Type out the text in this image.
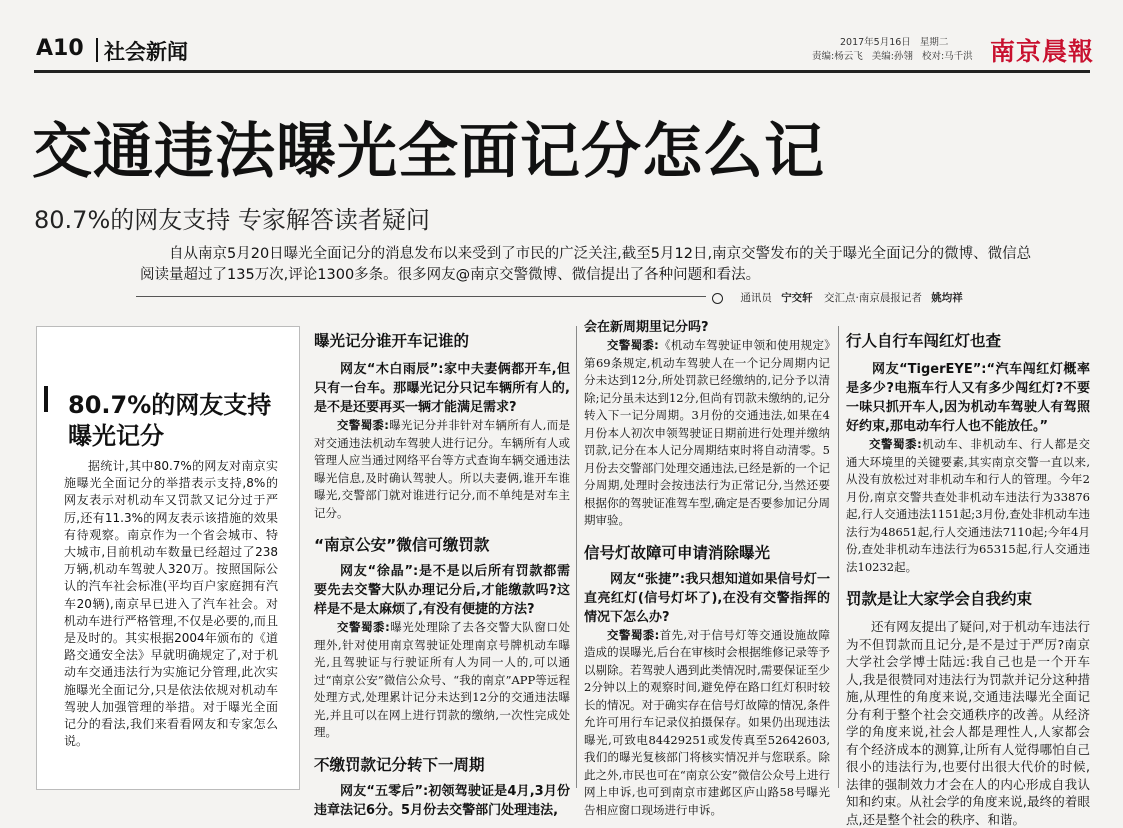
A10 社会新闻	2017年5月16日 星期二
责编:杨云飞 美编:孙翎 校对:马千洪 南京晨報
交通违法曝光全面记分怎么记
80.7%的网友支持 专家解答读者疑问
自从南京5月20日曝光全面记分的消息发布以来受到了市民的广泛关注,截至5月12日,南京交警发布的关于曝光全面记分的微博、微信总阅读量超过了135万次,评论1300多条。很多网友@南京交警微博、微信提出了各种问题和看法。
通讯员 宁交轩 交汇点·南京晨报记者 姚均祥
80.7%的网友支持曝光记分
据统计,其中80.7%的网友对南京实施曝光全面记分的举措表示支持,8%的网友表示对机动车又罚款又记分过于严厉,还有11.3%的网友表示该措施的效果有待观察。南京作为一个省会城市、特大城市,目前机动车数量已经超过了238万辆,机动车驾驶人320万。按照国际公认的汽车社会标准(平均百户家庭拥有汽车20辆),南京早已进入了汽车社会。对机动车进行严格管理,不仅是必要的,而且是及时的。其实根据2004年颁布的《道路交通安全法》早就明确规定了,对于机动车交通违法行为实施记分管理,此次实施曝光全面记分,只是依法依规对机动车驾驶人加强管理的举措。对于曝光全面记分的看法,我们来看看网友和专家怎么说。
曝光记分谁开车记谁的

网友“木白雨辰”:家中夫妻俩都开车,但只有一台车。那曝光记分只记车辆所有人的,是不是还要再买一辆才能满足需求?

交警蜀黍:曝光记分并非针对车辆所有人,而是对交通违法机动车驾驶人进行记分。车辆所有人或管理人应当通过网络平台等方式查询车辆交通违法曝光信息,及时确认驾驶人。所以夫妻俩,谁开车谁曝光,交警部门就对谁进行记分,而不单纯是对车主记分。

“南京公安”微信可缴罚款

网友“徐晶”:是不是以后所有罚款都需要先去交警大队办理记分后,才能缴款吗?这样是不是太麻烦了,有没有便捷的方法?

交警蜀黍:曝光处理除了去各交警大队窗口处理外,针对使用南京驾驶证处理南京号牌机动车曝光,且驾驶证与行驶证所有人为同一人的,可以通过“南京公安”微信公众号、“我的南京”APP等远程处理方式,处理累计记分未达到12分的交通违法曝光,并且可以在网上进行罚款的缴纳,一次性完成处理。

不缴罚款记分转下一周期

网友“五零后”:初领驾驶证是4月,3月份违章法记6分。5月份去交警部门处理违法,

会在新周期里记分吗?

交警蜀黍:《机动车驾驶证申领和使用规定》第69条规定,机动车驾驶人在一个记分周期内记分未达到12分,所处罚款已经缴纳的,记分予以清除;记分虽未达到12分,但尚有罚款未缴纳的,记分转入下一记分周期。3月份的交通违法,如果在4月份本人初次申领驾驶证日期前进行处理并缴纳罚款,记分在本人记分周期结束时将自动清零。5月份去交警部门处理交通违法,已经是新的一个记分周期,处理时会按违法行为正常记分,当然还要根据你的驾驶证准驾车型,确定是否要参加记分周期审验。

信号灯故障可申请消除曝光

网友“张捷”:我只想知道如果信号灯一直亮红灯(信号灯坏了),在没有交警指挥的情况下怎么办?

交警蜀黍:首先,对于信号灯等交通设施故障造成的误曝光,后台在审核时会根据维修记录等予以剔除。若驾驶人遇到此类情况时,需要保证至少2分钟以上的观察时间,避免停在路口红灯积时较长的情况。对于确实存在信号灯故障的情况,条件允许可用行车记录仪拍摄保存。如果仍出现违法曝光,可致电84429251或发传真至52642603,我们的曝光复核部门将核实情况并与您联系。除此之外,市民也可在“南京公安”微信公众号上进行网上申诉,也可到南京市建邺区庐山路58号曝光告相应窗口现场进行申诉。

行人自行车闯红灯也查

网友“TigerEYE”:“汽车闯红灯概率是多少?电瓶车行人又有多少闯红灯?不要一味只抓开车人,因为机动车驾驶人有驾照好约束,那电动车行人也不能放任。”

交警蜀黍:机动车、非机动车、行人都是交通大环境里的关键要素,其实南京交警一直以来,从没有放松过对非机动车和行人的管理。今年2月份,南京交警共查处非机动车违法行为33876起,行人交通违法1151起;3月份,查处非机动车违法行为48651起,行人交通违法7110起;今年4月份,查处非机动车违法行为65315起,行人交通违法10232起。

罚款是让大家学会自我约束

还有网友提出了疑问,对于机动车违法行为不但罚款而且记分,是不是过于严厉?南京大学社会学博士陆远:我自己也是一个开车人,我是很赞同对违法行为罚款并记分这种措施,从理性的角度来说,交通违法曝光全面记分有利于整个社会交通秩序的改善。从经济学的角度来说,社会人都是理性人,人家都会有个经济成本的测算,让所有人觉得哪怕自己很小的违法行为,也要付出很大代价的时候,法律的强制效力才会在人的内心形成自我认知和约束。从社会学的角度来说,最终的着眼点,还是整个社会的秩序、和谐。
